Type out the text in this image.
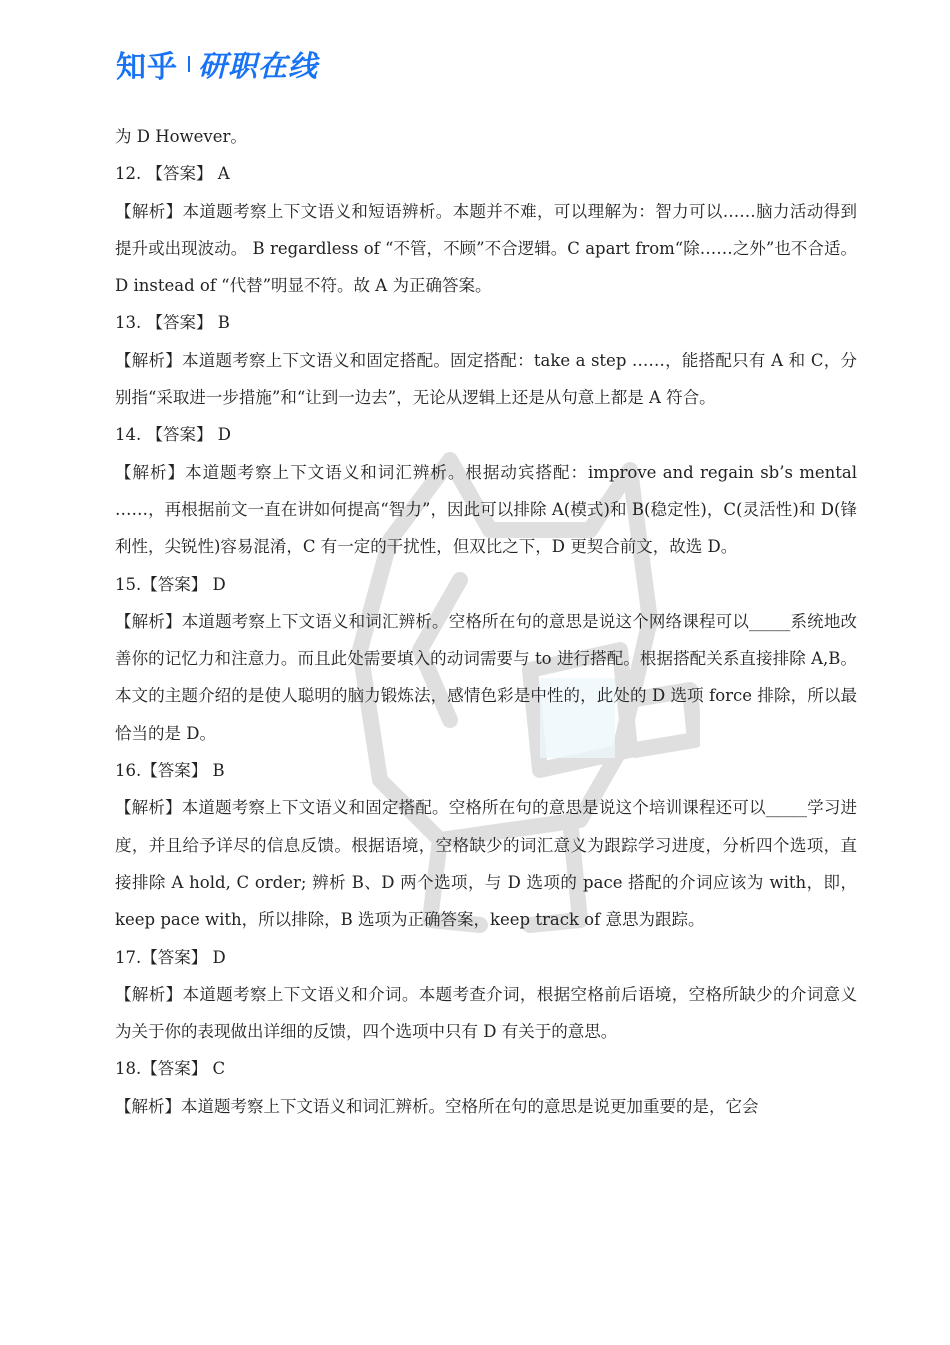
知乎 研职在线

为 D However。

12. 【答案】 A

【解析】本道题考察上下文语义和短语辨析。本题并不难，可以理解为：智力可以……脑力活动得到提升或出现波动。 B regardless of “不管，不顾”不合逻辑。C apart from“除……之外”也不合适。D instead of “代替”明显不符。故 A 为正确答案。

13. 【答案】 B

【解析】本道题考察上下文语义和固定搭配。固定搭配：take a step ……，能搭配只有 A 和 C，分别指“采取进一步措施”和“让到一边去”，无论从逻辑上还是从句意上都是 A 符合。

14. 【答案】 D

【解析】本道题考察上下文语义和词汇辨析。根据动宾搭配：improve and regain sb’s mental ……，再根据前文一直在讲如何提高“智力”，因此可以排除 A(模式)和 B(稳定性)，C(灵活性)和 D(锋利性，尖锐性)容易混淆，C 有一定的干扰性，但双比之下，D 更契合前文，故选 D。

15.【答案】 D

【解析】本道题考察上下文语义和词汇辨析。空格所在句的意思是说这个网络课程可以_____系统地改善你的记忆力和注意力。而且此处需要填入的动词需要与 to 进行搭配。根据搭配关系直接排除 A,B。本文的主题介绍的是使人聪明的脑力锻炼法，感情色彩是中性的，此处的 D 选项 force 排除，所以最恰当的是 D。

16.【答案】 B

【解析】本道题考察上下文语义和固定搭配。空格所在句的意思是说这个培训课程还可以_____学习进度，并且给予详尽的信息反馈。根据语境，空格缺少的词汇意义为跟踪学习进度，分析四个选项，直接排除 A hold, C order; 辨析 B、D 两个选项，与 D 选项的 pace 搭配的介词应该为 with，即，keep pace with，所以排除，B 选项为正确答案，keep track of 意思为跟踪。

17.【答案】 D

【解析】本道题考察上下文语义和介词。本题考查介词，根据空格前后语境，空格所缺少的介词意义为关于你的表现做出详细的反馈，四个选项中只有 D 有关于的意思。

18.【答案】 C

【解析】本道题考察上下文语义和词汇辨析。空格所在句的意思是说更加重要的是，它会
